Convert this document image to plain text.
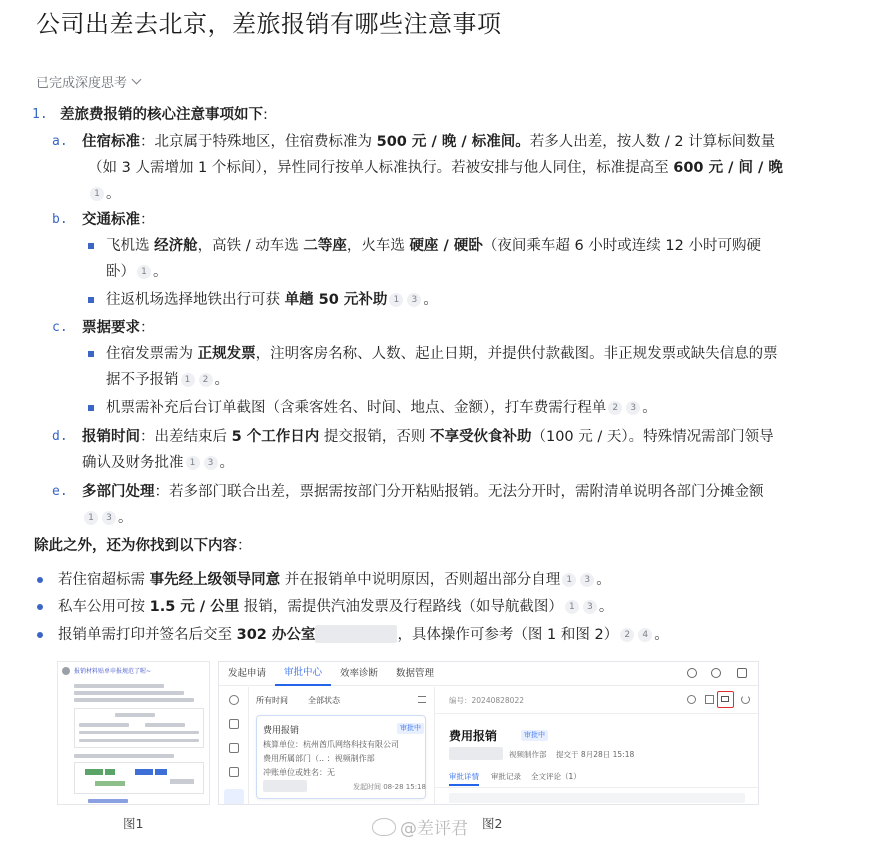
公司出差去北京，差旅报销有哪些注意事项
已完成深度思考
1. 差旅费报销的核心注意事项如下:
a. 住宿标准：北京属于特殊地区，住宿费标准为 500 元 / 晚 / 标准间。若多人出差，按人数 / 2 计算标间数量
（如 3 人需增加 1 个标间），异性同行按单人标准执行。若被安排与他人同住，标准提高至 600 元 / 间 / 晚
1 。
b. 交通标准：
飞机选 经济舱，高铁 / 动车选 二等座，火车选 硬座 / 硬卧（夜间乘车超 6 小时或连续 12 小时可购硬
卧） 1 。
往返机场选择地铁出行可获 单趟 50 元补助 1 3 。
c. 票据要求：
住宿发票需为 正规发票，注明客房名称、人数、起止日期，并提供付款截图。非正规发票或缺失信息的票
据不予报销 1 2 。
机票需补充后台订单截图（含乘客姓名、时间、地点、金额），打车费需行程单 2 3 。
d. 报销时间：出差结束后 5 个工作日内 提交报销，否则 不享受伙食补助（100 元 / 天）。特殊情况需部门领导
确认及财务批准 1 3 。
e. 多部门处理：若多部门联合出差，票据需按部门分开粘贴报销。无法分开时，需附清单说明各部门分摊金额
1 3 。
除此之外，还为你找到以下内容：
若住宿超标需 事先经上级领导同意 并在报销单中说明原因，否则超出部分自理 1 3 。
私车公用可按 1.5 元 / 公里 报销，需提供汽油发票及行程路线（如导航截图） 1 3 。
报销单需打印并签名后交至 302 办公室	，具体操作可参考（图 1 和图 2） 2 4 。
报销材料贴单申报规范了喔~	发起申请	审批中心	效率诊断	数据管理
所有时间	全部状态
费用报销	审批中
核算单位：杭州酋爪网络科技有限公司
费用所属部门（.. ：视频制作部
冲账单位或姓名：无
发起时间 08-28 15:18
编号：20240828022
费用报销	审批中
视频制作部    提交于 8月28日 15:18
审批详情 审批记录 全文评论（1）
图1	图2
@差评君
